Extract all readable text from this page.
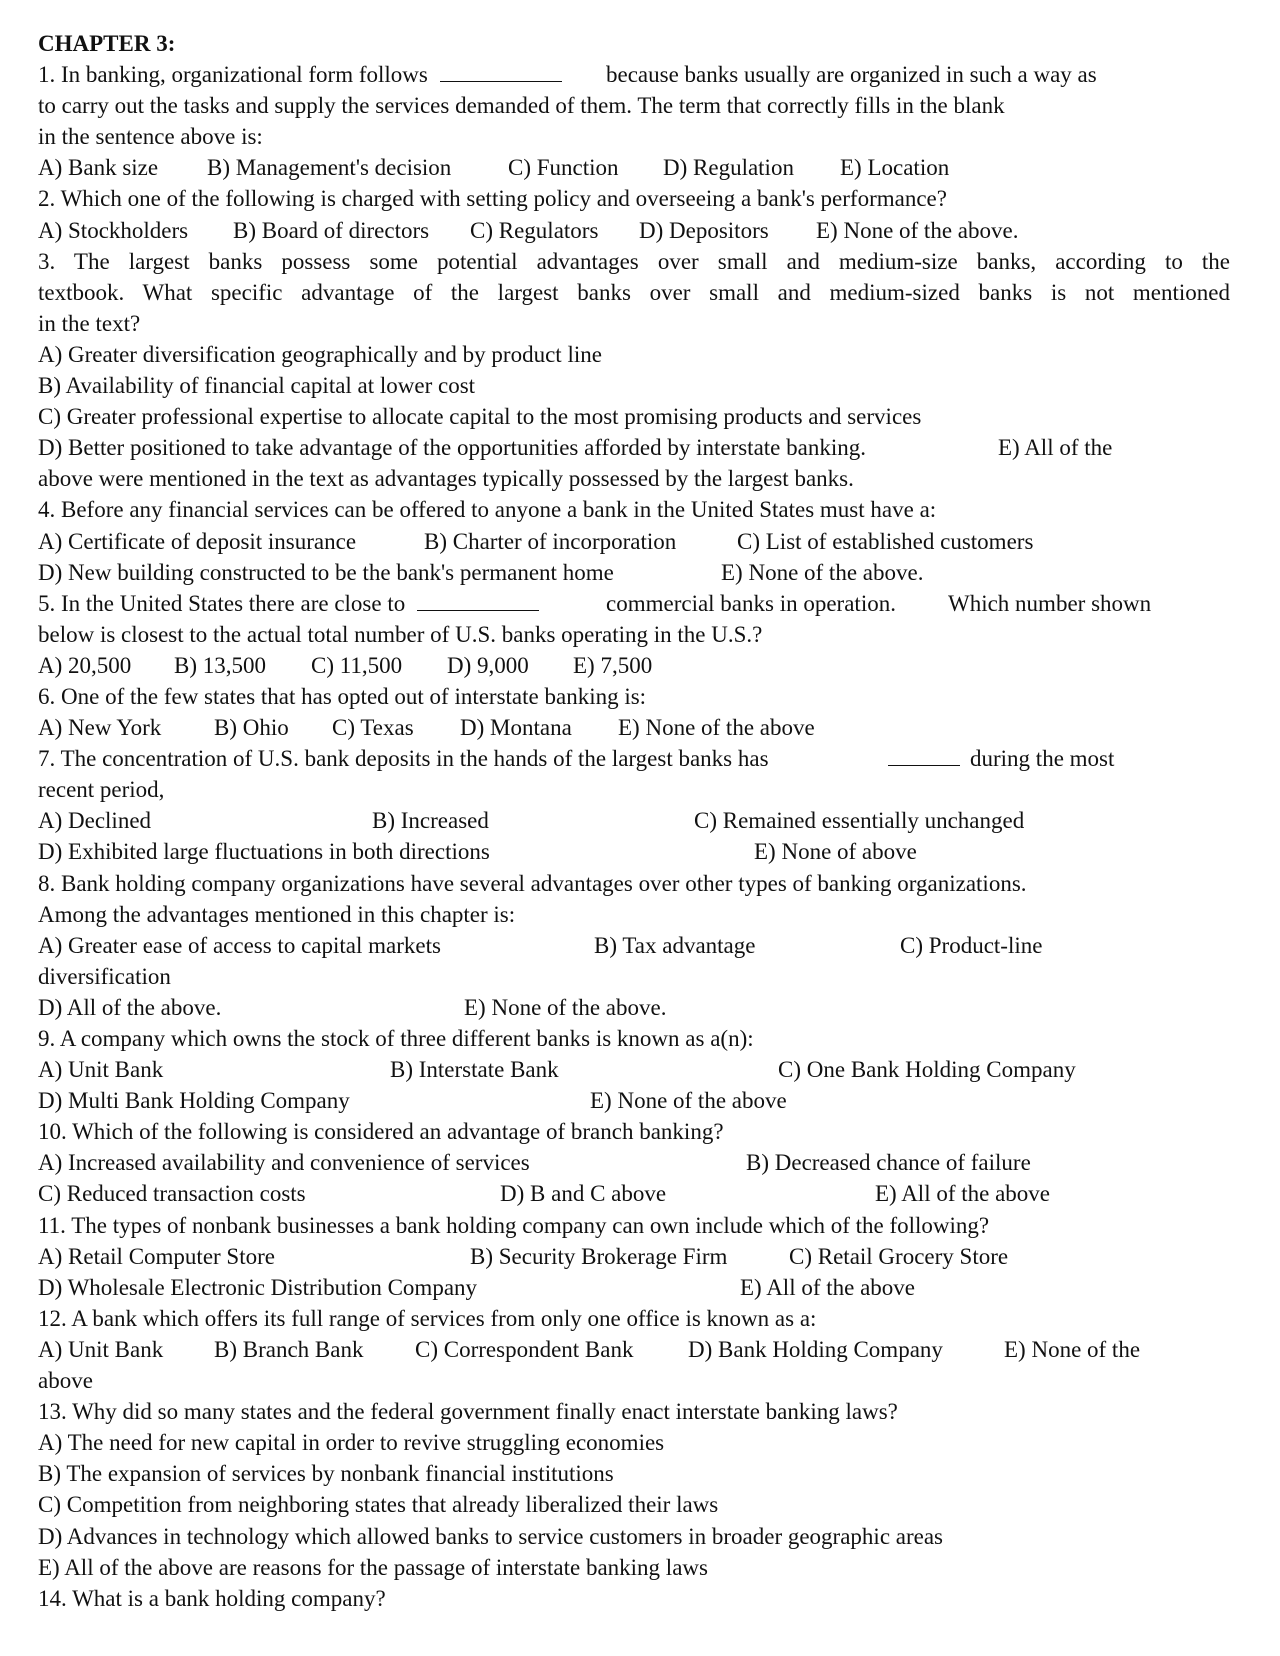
CHAPTER 3:
1. In banking, organizational form follows	because banks usually are organized in such a way as
to carry out the tasks and supply the services demanded of them. The term that correctly fills in the blank
in the sentence above is:
A) Bank size B) Management's decision C) Function D) Regulation E) Location
2. Which one of the following is charged with setting policy and overseeing a bank's performance?
A) Stockholders B) Board of directors C) Regulators D) Depositors E) None of the above.
3. The largest banks possess some potential advantages over small and medium-size banks, according to the
textbook. What specific advantage of the largest banks over small and medium-sized banks is not mentioned
in the text?
A) Greater diversification geographically and by product line
B) Availability of financial capital at lower cost
C) Greater professional expertise to allocate capital to the most promising products and services
D) Better positioned to take advantage of the opportunities afforded by interstate banking.	E) All of the
above were mentioned in the text as advantages typically possessed by the largest banks.
4. Before any financial services can be offered to anyone a bank in the United States must have a:
A) Certificate of deposit insurance	B) Charter of incorporation	C) List of established customers
D) New building constructed to be the bank's permanent home	E) None of the above.
5. In the United States there are close to	commercial banks in operation. Which number shown
below is closest to the actual total number of U.S. banks operating in the U.S.?
A) 20,500 B) 13,500 C) 11,500 D) 9,000 E) 7,500
6. One of the few states that has opted out of interstate banking is:
A) New York B) Ohio C) Texas D) Montana E) None of the above
7. The concentration of U.S. bank deposits in the hands of the largest banks has	during the most
recent period,
A) Declined	B) Increased	C) Remained essentially unchanged
D) Exhibited large fluctuations in both directions	E) None of above
8. Bank holding company organizations have several advantages over other types of banking organizations.
Among the advantages mentioned in this chapter is:
A) Greater ease of access to capital markets	B) Tax advantage	C) Product-line
diversification
D) All of the above.	E) None of the above.
9. A company which owns the stock of three different banks is known as a(n):
A) Unit Bank	B) Interstate Bank	C) One Bank Holding Company
D) Multi Bank Holding Company	E) None of the above
10. Which of the following is considered an advantage of branch banking?
A) Increased availability and convenience of services	B) Decreased chance of failure
C) Reduced transaction costs	D) B and C above	E) All of the above
11. The types of nonbank businesses a bank holding company can own include which of the following?
A) Retail Computer Store	B) Security Brokerage Firm	C) Retail Grocery Store
D) Wholesale Electronic Distribution Company	E) All of the above
12. A bank which offers its full range of services from only one office is known as a:
A) Unit Bank B) Branch Bank C) Correspondent Bank D) Bank Holding Company	E) None of the
above
13. Why did so many states and the federal government finally enact interstate banking laws?
A) The need for new capital in order to revive struggling economies
B) The expansion of services by nonbank financial institutions
C) Competition from neighboring states that already liberalized their laws
D) Advances in technology which allowed banks to service customers in broader geographic areas
E) All of the above are reasons for the passage of interstate banking laws
14. What is a bank holding company?
